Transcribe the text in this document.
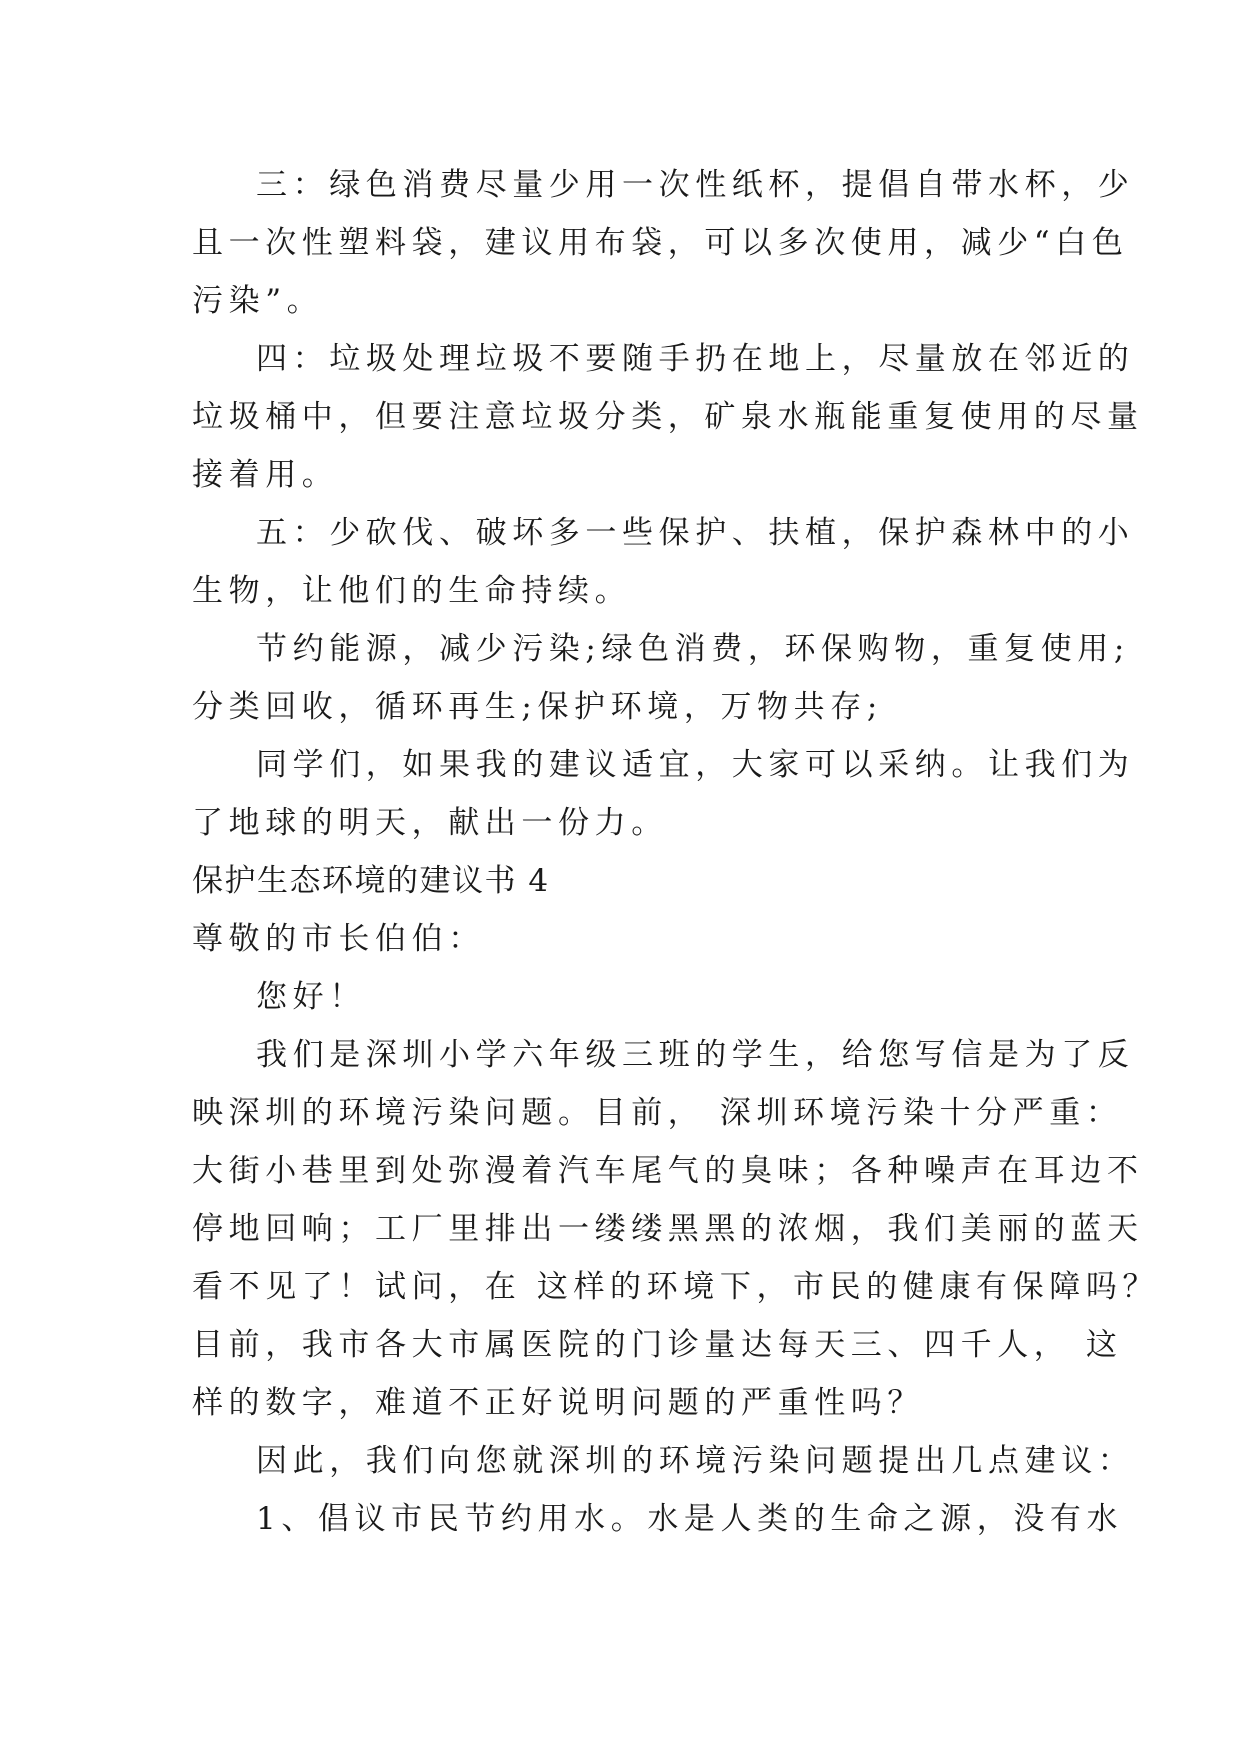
三：绿色消费尽量少用一次性纸杯，提倡自带水杯，少
且一次性塑料袋，建议用布袋，可以多次使用，减少“白色
污染”。
四：垃圾处理垃圾不要随手扔在地上，尽量放在邻近的
垃圾桶中，但要注意垃圾分类，矿泉水瓶能重复使用的尽量
接着用。
五：少砍伐、破坏多一些保护、扶植，保护森林中的小
生物，让他们的生命持续。
节约能源，减少污染;绿色消费，环保购物，重复使用;
分类回收，循环再生;保护环境，万物共存;
同学们，如果我的建议适宜，大家可以采纳。让我们为
了地球的明天，献出一份力。
保护生态环境的建议书 4
尊敬的市长伯伯：
您好！
我们是深圳小学六年级三班的学生，给您写信是为了反
映深圳的环境污染问题。目前， 深圳环境污染十分严重：
大街小巷里到处弥漫着汽车尾气的臭味；各种噪声在耳边不
停地回响；工厂里排出一缕缕黑黑的浓烟，我们美丽的蓝天
看不见了！试问，在 这样的环境下，市民的健康有保障吗？
目前，我市各大市属医院的门诊量达每天三、四千人， 这
样的数字，难道不正好说明问题的严重性吗？
因此，我们向您就深圳的环境污染问题提出几点建议：
1、倡议市民节约用水。水是人类的生命之源，没有水
